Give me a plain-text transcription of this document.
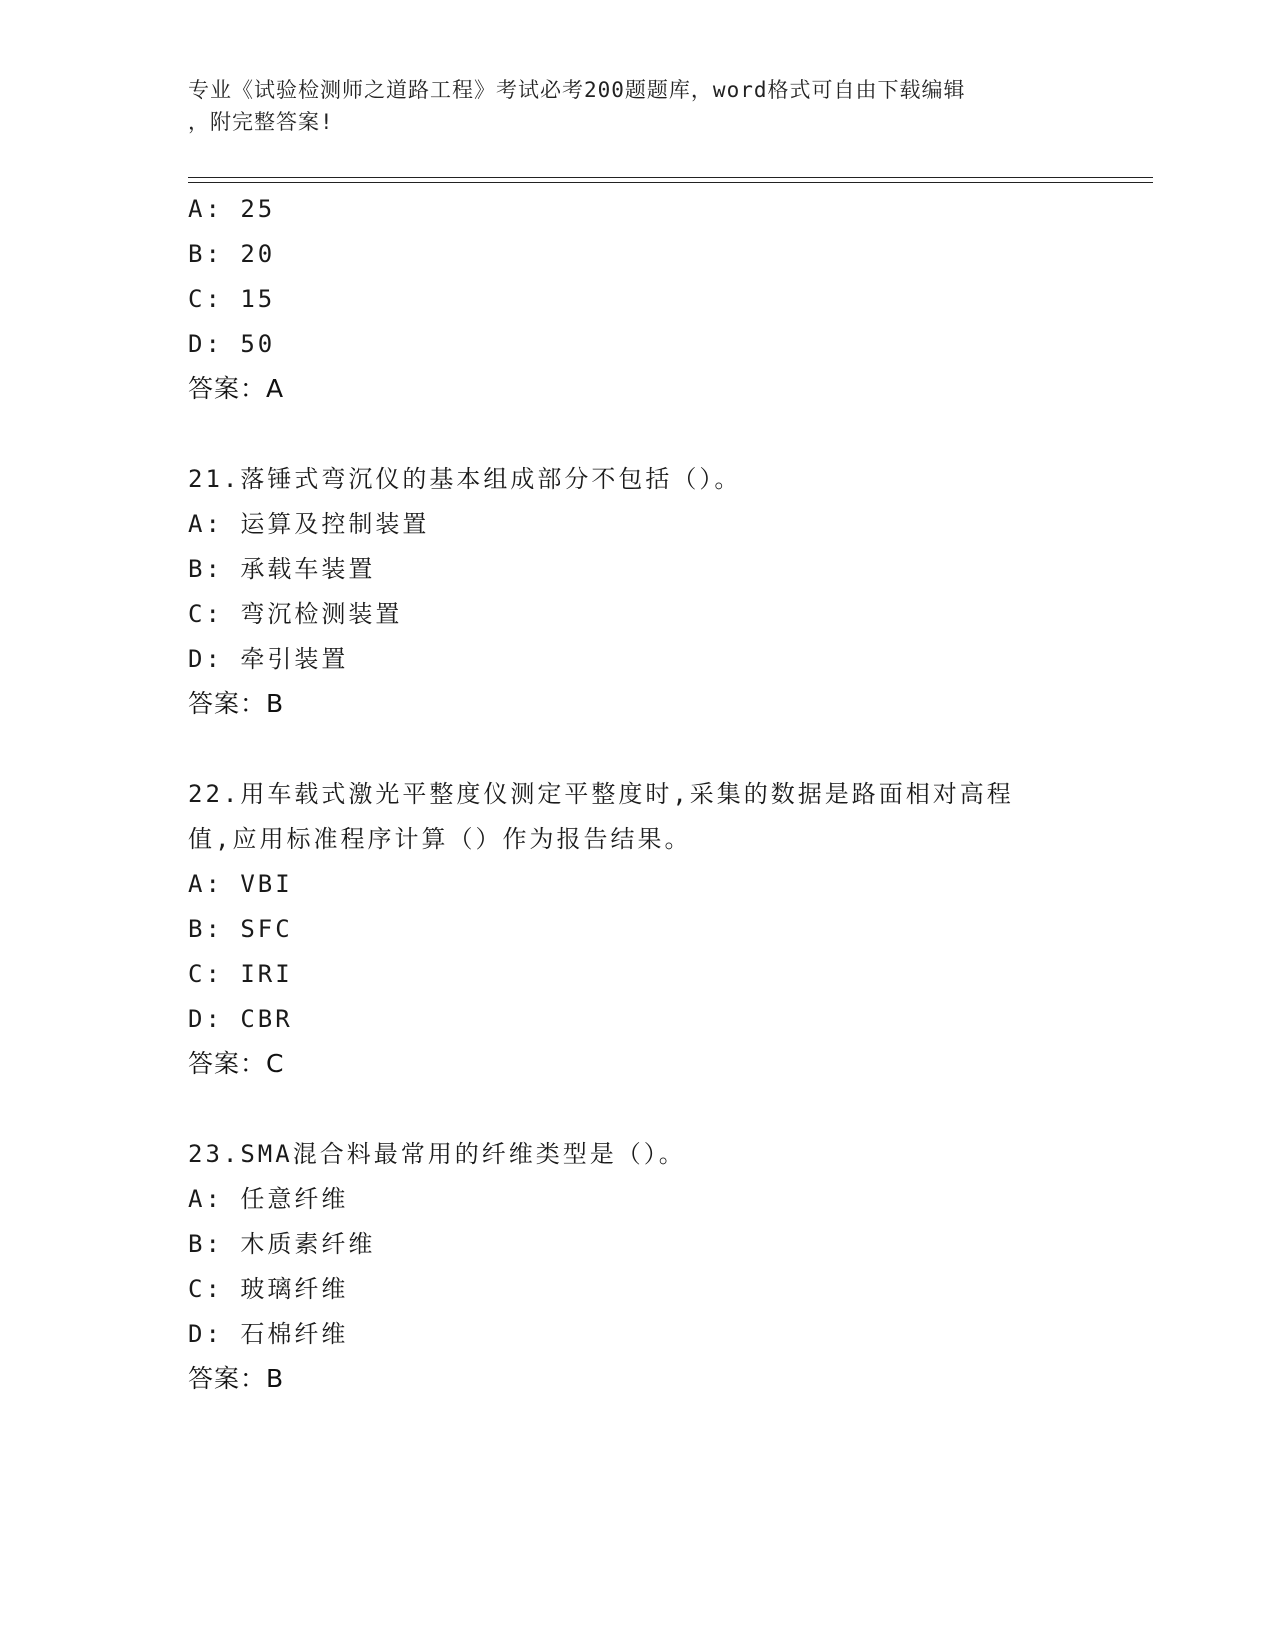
专业《试验检测师之道路工程》考试必考200题题库，word格式可自由下载编辑
，附完整答案!
A: 25
B: 20
C: 15
D: 50
答案：A
21.落锤式弯沉仪的基本组成部分不包括（）。
A: 运算及控制装置
B: 承载车装置
C: 弯沉检测装置
D: 牵引装置
答案：B
22.用车载式激光平整度仪测定平整度时,采集的数据是路面相对高程
值,应用标准程序计算（）作为报告结果。
A: VBI
B: SFC
C: IRI
D: CBR
答案：C
23.SMA混合料最常用的纤维类型是（）。
A: 任意纤维
B: 木质素纤维
C: 玻璃纤维
D: 石棉纤维
答案：B
